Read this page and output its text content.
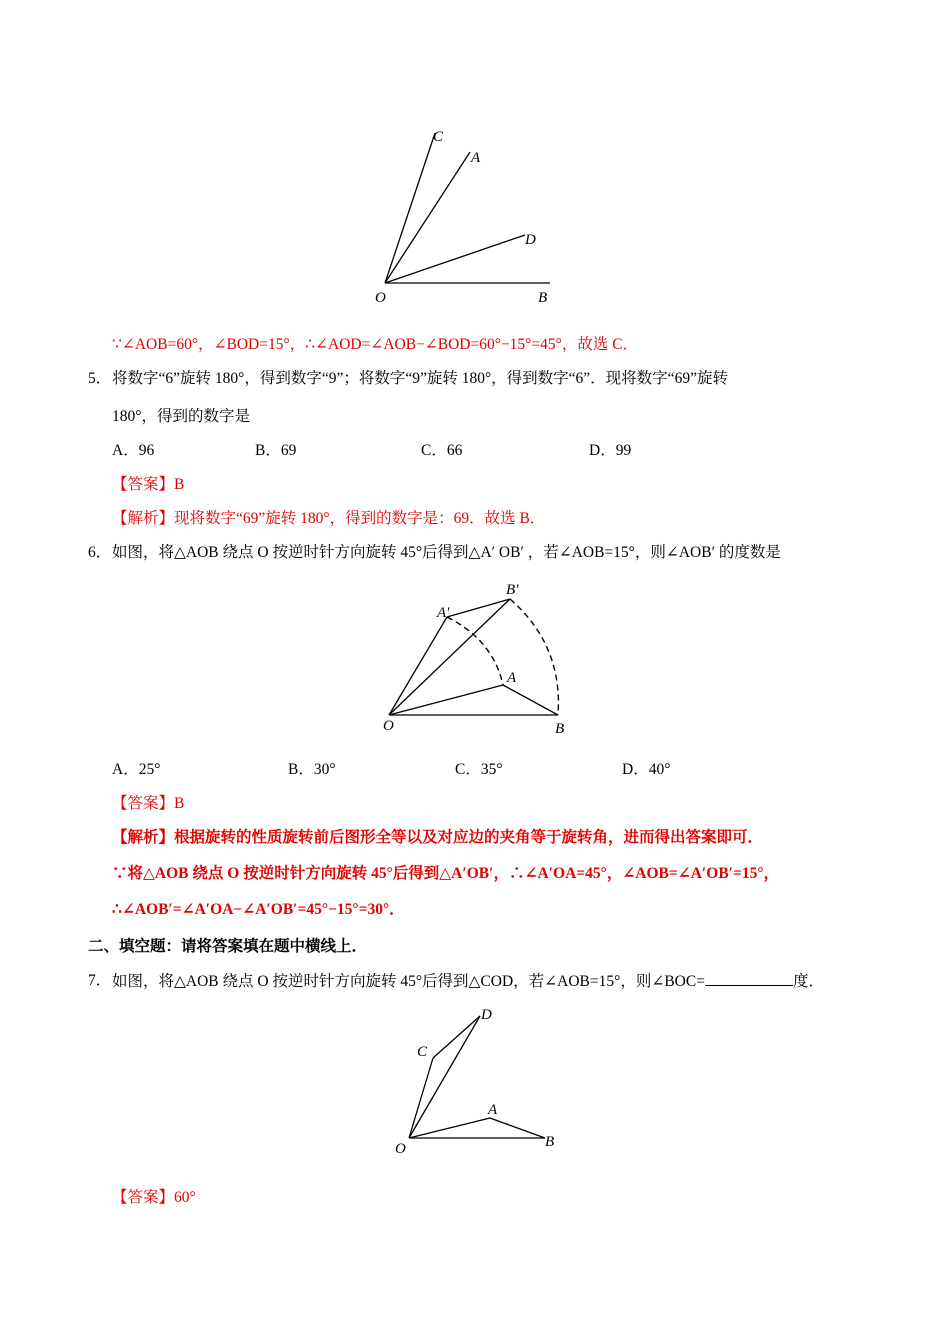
C
A
D
O	B
∵∠AOB=60°，∠BOD=15°，∴∠AOD=∠AOB−∠BOD=60°−15°=45°，故选 C．
5． 将数字“6”旋转 180°，得到数字“9”；将数字“9”旋转 180°，得到数字“6”．现将数字“69”旋转
180°，得到的数字是
A．96	B．69	C．66	D．99
【答案】B
【解析】现将数字“69”旋转 180°，得到的数字是：69．故选 B．
6． 如图，将△AOB 绕点 O 按逆时针方向旋转 45°后得到△A′ OB′ ，若∠AOB=15°，则∠AOB′ 的度数是
A′
B′
A
O	B
A．25°	B．30°	C．35°	D．40°
【答案】B
【解析】根据旋转的性质旋转前后图形全等以及对应边的夹角等于旋转角，进而得出答案即可．
∵将△AOB 绕点 O 按逆时针方向旋转 45°后得到△A′OB′，∴∠A′OA=45°，∠AOB=∠A′OB′=15°，
∴∠AOB′=∠A′OA−∠A′OB′=45°−15°=30°．
二、填空题：请将答案填在题中横线上．
7． 如图，将△AOB 绕点 O 按逆时针方向旋转 45°后得到△COD，若∠AOB=15°，则∠BOC=	度．
D
C
A
O	B
【答案】60°
